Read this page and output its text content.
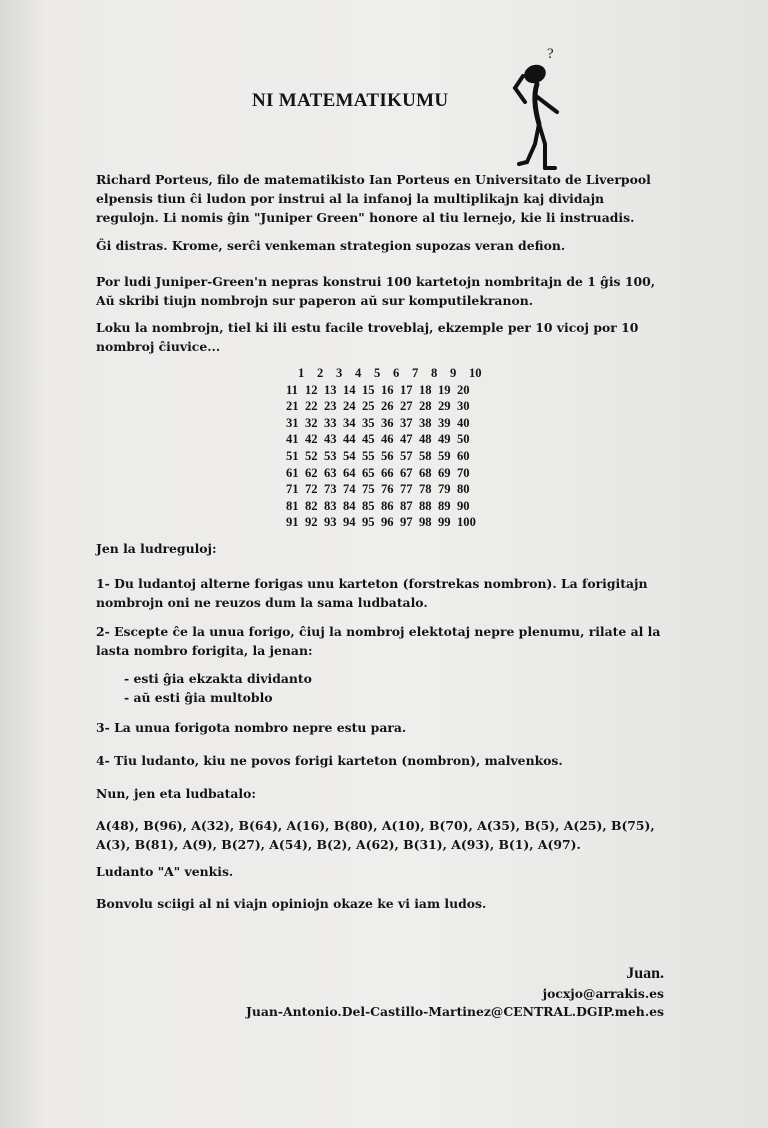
NI MATEMATIKUMU
?

Richard Porteus, filo de matematikisto Ian Porteus en Universitato de Liverpool elpensis tiun ĉi ludon por instrui al la infanoj la multiplikajn kaj dividajn regulojn. Li nomis ĝin "Juniper Green" honore al tiu lernejo, kie li instruadis.

Ĝi distras. Krome, serĉi venkeman strategion supozas veran defion.

Por ludi Juniper-Green'n nepras konstrui 100 kartetojn nombritajn de 1 ĝis 100, Aŭ skribi tiujn nombrojn sur paperon aŭ sur komputilekranon.

Loku la nombrojn, tiel ki ili estu facile troveblaj, ekzemple per 10 vicoj por 10 nombroj ĉiuvice...

1	2	3	4	5	6	7	8	9	10
11 12 13 14 15 16 17 18 19 20
21 22 23 24 25 26 27 28 29 30
31 32 33 34 35 36 37 38 39 40
41 42 43 44 45 46 47 48 49 50
51 52 53 54 55 56 57 58 59 60
61 62 63 64 65 66 67 68 69 70
71 72 73 74 75 76 77 78 79 80
81 82 83 84 85 86 87 88 89 90
91 92 93 94 95 96 97 98 99 100

Jen la ludreguloj:

1- Du ludantoj alterne forigas unu karteton (forstrekas nombron). La forigitajn nombrojn oni ne reuzos dum la sama ludbatalo.

2- Escepte ĉe la unua forigo, ĉiuj la nombroj elektotaj nepre plenumu, rilate al la lasta nombro forigita, la jenan:

- esti ĝia ekzakta dividanto

- aŭ esti ĝia multoblo

3- La unua forigota nombro nepre estu para.

4- Tiu ludanto, kiu ne povos forigi karteton (nombron), malvenkos.

Nun, jen eta ludbatalo:

A(48), B(96), A(32), B(64), A(16), B(80), A(10), B(70), A(35), B(5), A(25), B(75), A(3), B(81), A(9), B(27), A(54), B(2), A(62), B(31), A(93), B(1), A(97).

Ludanto "A" venkis.

Bonvolu sciigi al ni viajn opiniojn okaze ke vi iam ludos.

Juan.

jocxjo@arrakis.es

Juan-Antonio.Del-Castillo-Martinez@CENTRAL.DGIP.meh.es
